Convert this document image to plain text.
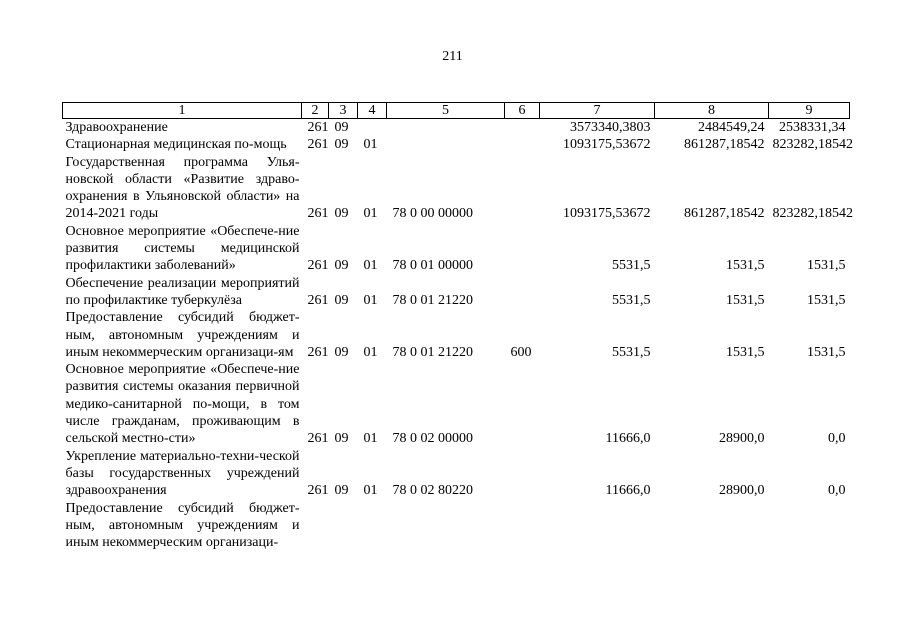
211
1	2	3	4	5	6	7	8	9
Здравоохранение	261	09				3573340,3803	2484549,24	2538331,34
Стационарная медицинская по-мощь	261	09	01			1093175,53672	861287,18542	823282,18542
Государственная программа Улья-новской области «Развитие здраво-охранения в Ульяновской области» на 2014-2021 годы	261	09	01	78 0 00 00000		1093175,53672	861287,18542	823282,18542
Основное мероприятие «Обеспече-ние развития системы медицинской профилактики заболеваний»	261	09	01	78 0 01 00000		5531,5	1531,5	1531,5
Обеспечение реализации мероприятий по профилактике туберкулёза	261	09	01	78 0 01 21220		5531,5	1531,5	1531,5
Предоставление субсидий бюджет-ным, автономным учреждениям и иным некоммерческим организаци-ям	261	09	01	78 0 01 21220	600	5531,5	1531,5	1531,5
Основное мероприятие «Обеспече-ние развития системы оказания первичной медико-санитарной по-мощи, в том числе гражданам, проживающим в сельской местно-сти»	261	09	01	78 0 02 00000		11666,0	28900,0	0,0
Укрепление материально-техни-ческой базы государственных учреждений здравоохранения	261	09	01	78 0 02 80220		11666,0	28900,0	0,0
Предоставление субсидий бюджет-ным, автономным учреждениям и иным некоммерческим организаци-								
